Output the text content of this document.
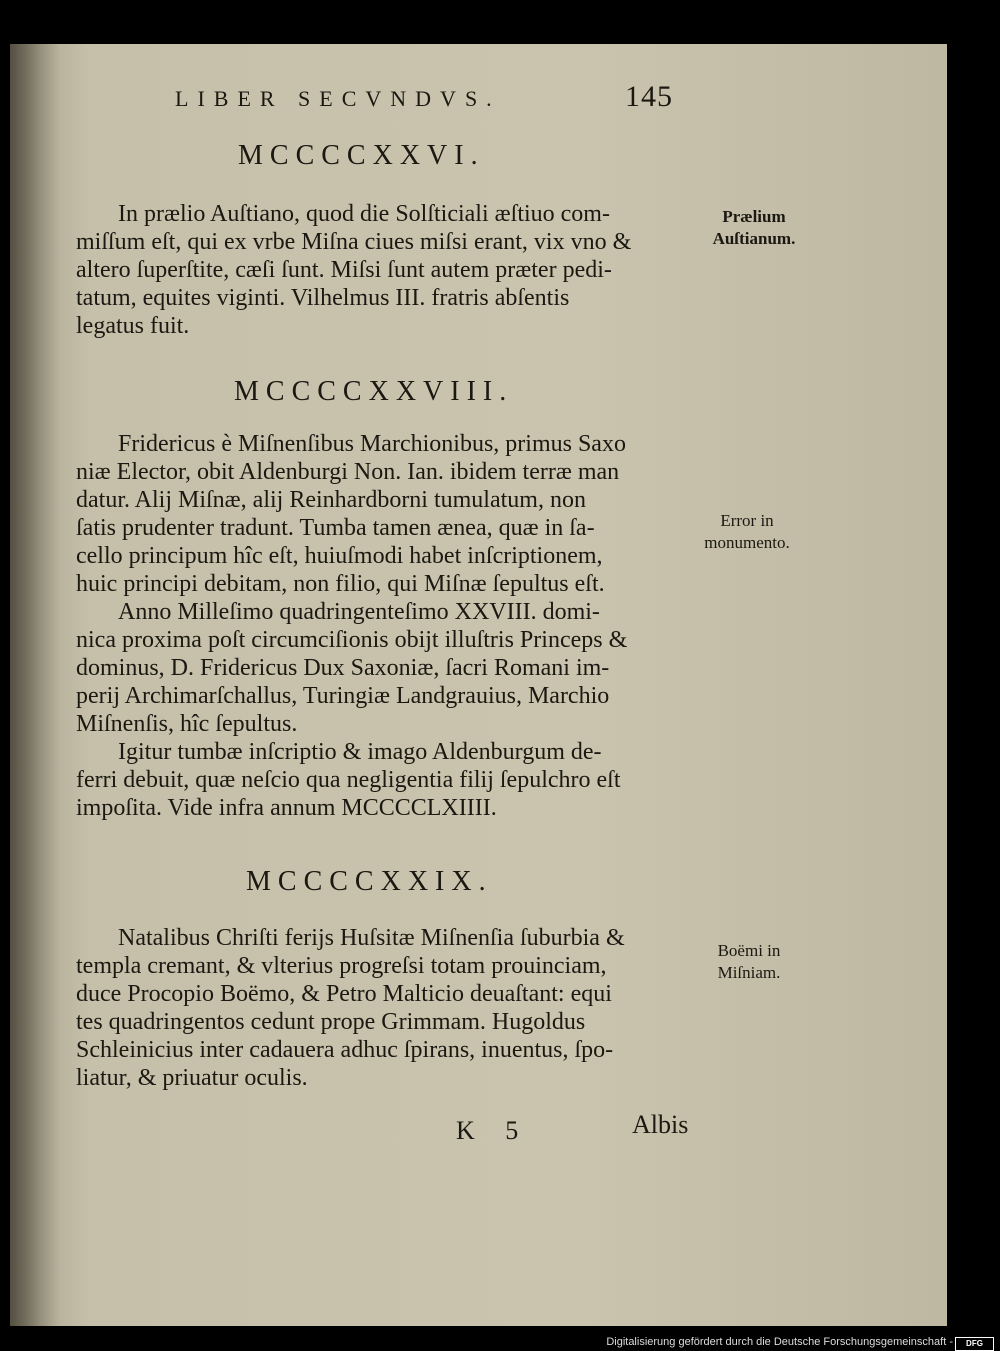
LIBER SECVNDVS.	145
MCCCCXXVI.
In prælio Auſtiano, quod die Solſticiali æſtiuo com-
miſſum eſt, qui ex vrbe Miſna ciues miſsi erant, vix vno &
altero ſuperſtite, cæſi ſunt. Miſsi ſunt autem præter pedi-
tatum, equites viginti. Vilhelmus III. fratris abſentis
legatus fuit.
MCCCCXXVIII.
Fridericus è Miſnenſibus Marchionibus, primus Saxo
niæ Elector, obit Aldenburgi Non. Ian. ibidem terræ man
datur. Alij Miſnæ, alij Reinhardborni tumulatum, non
ſatis prudenter tradunt. Tumba tamen ænea, quæ in ſa-
cello principum hîc eſt, huiuſmodi habet inſcriptionem,
huic principi debitam, non filio, qui Miſnæ ſepultus eſt.
Anno Milleſimo quadringenteſimo XXVIII. domi-
nica proxima poſt circumciſionis obijt illuſtris Princeps &
dominus, D. Fridericus Dux Saxoniæ, ſacri Romani im-
perij Archimarſchallus, Turingiæ Landgrauius, Marchio
Miſnenſis, hîc ſepultus.
Igitur tumbæ inſcriptio & imago Aldenburgum de-
ferri debuit, quæ neſcio qua negligentia filij ſepulchro eſt
impoſita. Vide infra annum MCCCCLXIIII.
MCCCCXXIX.
Natalibus Chriſti ferijs Huſsitæ Miſnenſia ſuburbia &
templa cremant, & vlterius progreſsi totam prouinciam,
duce Procopio Boëmo, & Petro Malticio deuaſtant: equi
tes quadringentos cedunt prope Grimmam. Hugoldus
Schleinicius inter cadauera adhuc ſpirans, inuentus, ſpo-
liatur, & priuatur oculis.
Prælium
Auſtianum.
Error in
monumento.
Boëmi in
Miſniam.
K 5	Albis
Digitalisierung gefördert durch die Deutsche Forschungsgemeinschaft -	DFG
